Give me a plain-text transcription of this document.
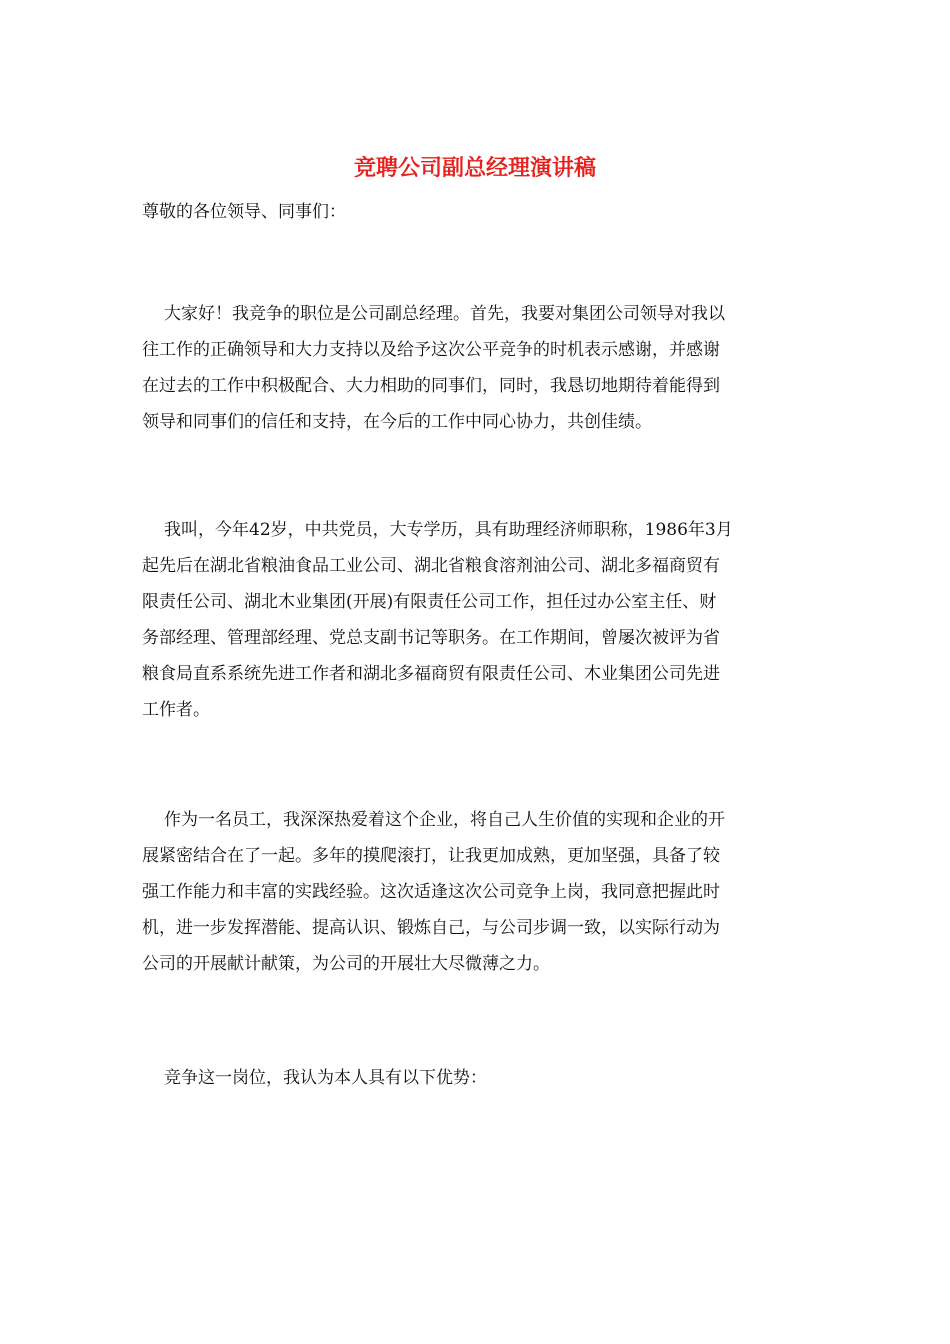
竞聘公司副总经理演讲稿

尊敬的各位领导、同事们：

大家好！我竞争的职位是公司副总经理。首先，我要对集团公司领导对我以
往工作的正确领导和大力支持以及给予这次公平竞争的时机表示感谢，并感谢
在过去的工作中积极配合、大力相助的同事们，同时，我恳切地期待着能得到
领导和同事们的信任和支持，在今后的工作中同心协力，共创佳绩。
我叫，今年42岁，中共党员，大专学历，具有助理经济师职称，1986年3月
起先后在湖北省粮油食品工业公司、湖北省粮食溶剂油公司、湖北多福商贸有
限责任公司、湖北木业集团(开展)有限责任公司工作，担任过办公室主任、财
务部经理、管理部经理、党总支副书记等职务。在工作期间，曾屡次被评为省
粮食局直系系统先进工作者和湖北多福商贸有限责任公司、木业集团公司先进
工作者。
作为一名员工，我深深热爱着这个企业，将自己人生价值的实现和企业的开
展紧密结合在了一起。多年的摸爬滚打，让我更加成熟，更加坚强，具备了较
强工作能力和丰富的实践经验。这次适逢这次公司竞争上岗，我同意把握此时
机，进一步发挥潜能、提高认识、锻炼自己，与公司步调一致，以实际行动为
公司的开展献计献策，为公司的开展壮大尽微薄之力。
竞争这一岗位，我认为本人具有以下优势：
